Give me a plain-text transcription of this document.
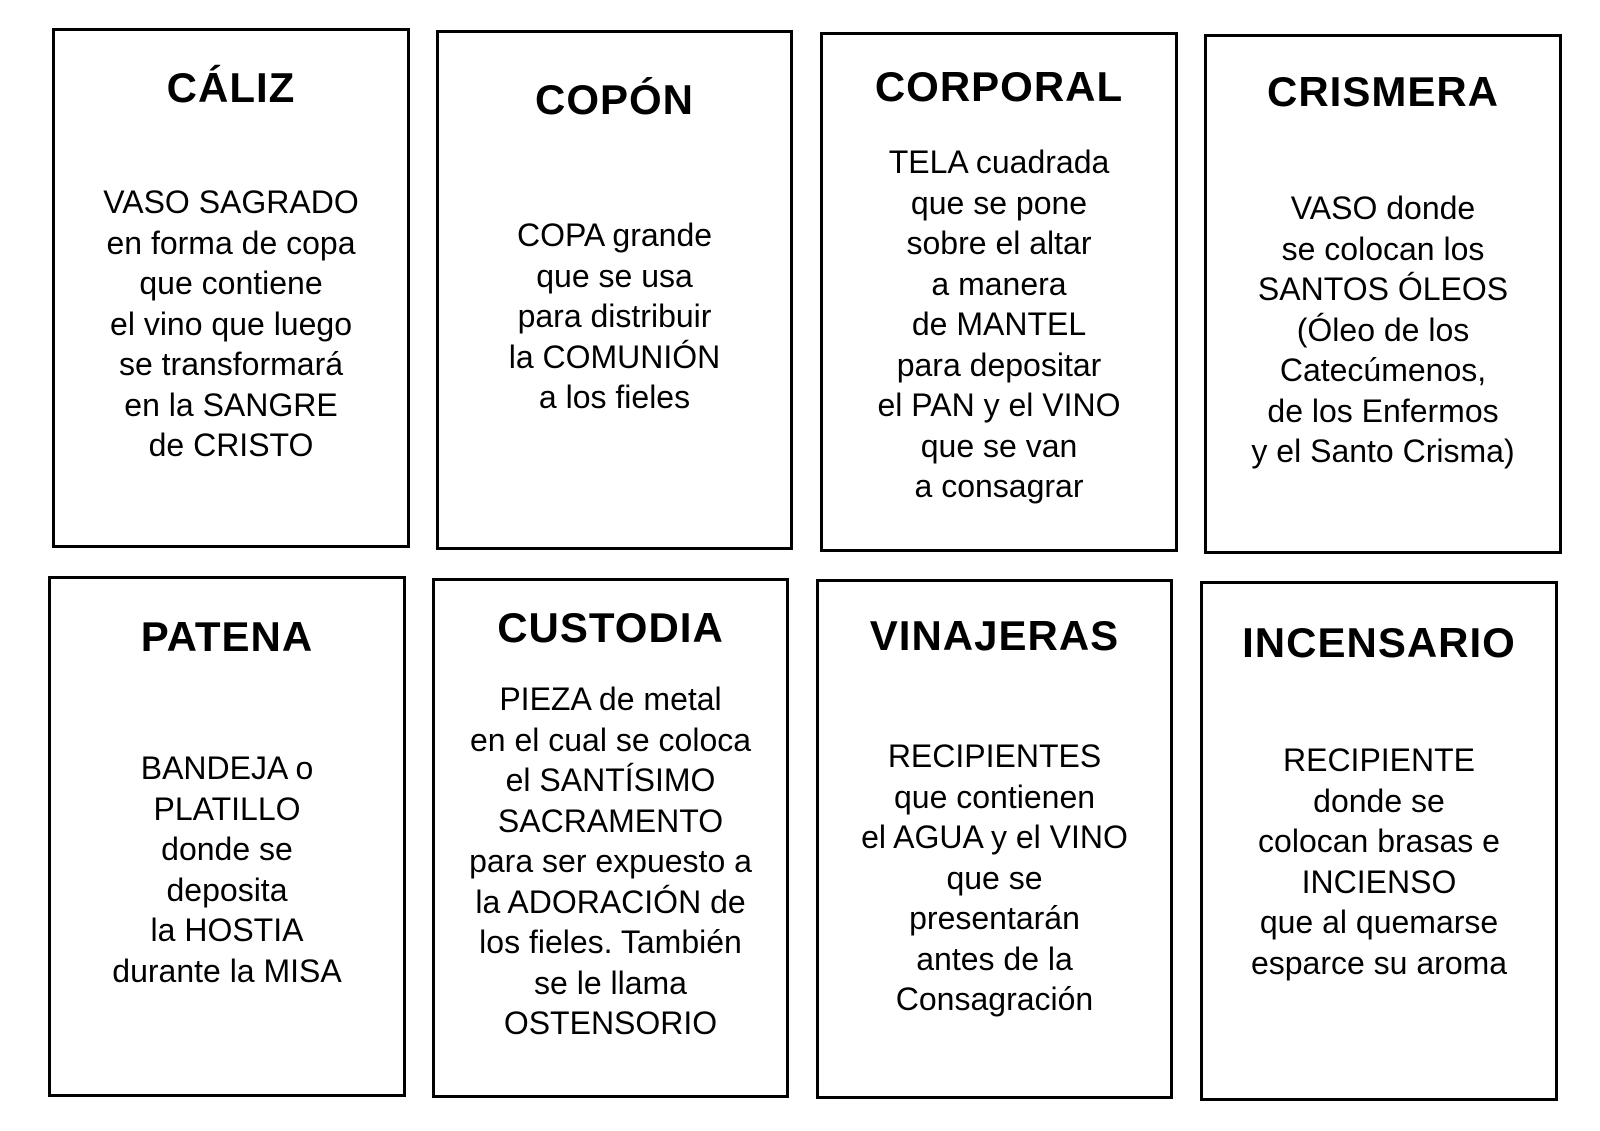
CÁLIZ
VASO SAGRADO
en forma de copa
que contiene
el vino que luego
se transformará
en la SANGRE
de CRISTO
COPÓN
COPA grande
que se usa
para distribuir
la COMUNIÓN
a los fieles
CORPORAL
TELA cuadrada
que se pone
sobre el altar
a manera
de MANTEL
para depositar
el PAN y el VINO
que se van
a consagrar
CRISMERA
VASO donde
se colocan los
SANTOS ÓLEOS
(Óleo de los
Catecúmenos,
de los Enfermos
y el Santo Crisma)
PATENA
BANDEJA o
PLATILLO
donde se
deposita
la HOSTIA
durante la MISA
CUSTODIA
PIEZA de metal
en el cual se coloca
el SANTÍSIMO
SACRAMENTO
para ser expuesto a
la ADORACIÓN de
los fieles. También
se le llama
OSTENSORIO
VINAJERAS
RECIPIENTES
que contienen
el AGUA y el VINO
que se
presentarán
antes de la
Consagración
INCENSARIO
RECIPIENTE
donde se
colocan brasas e
INCIENSO
que al quemarse
esparce su aroma
